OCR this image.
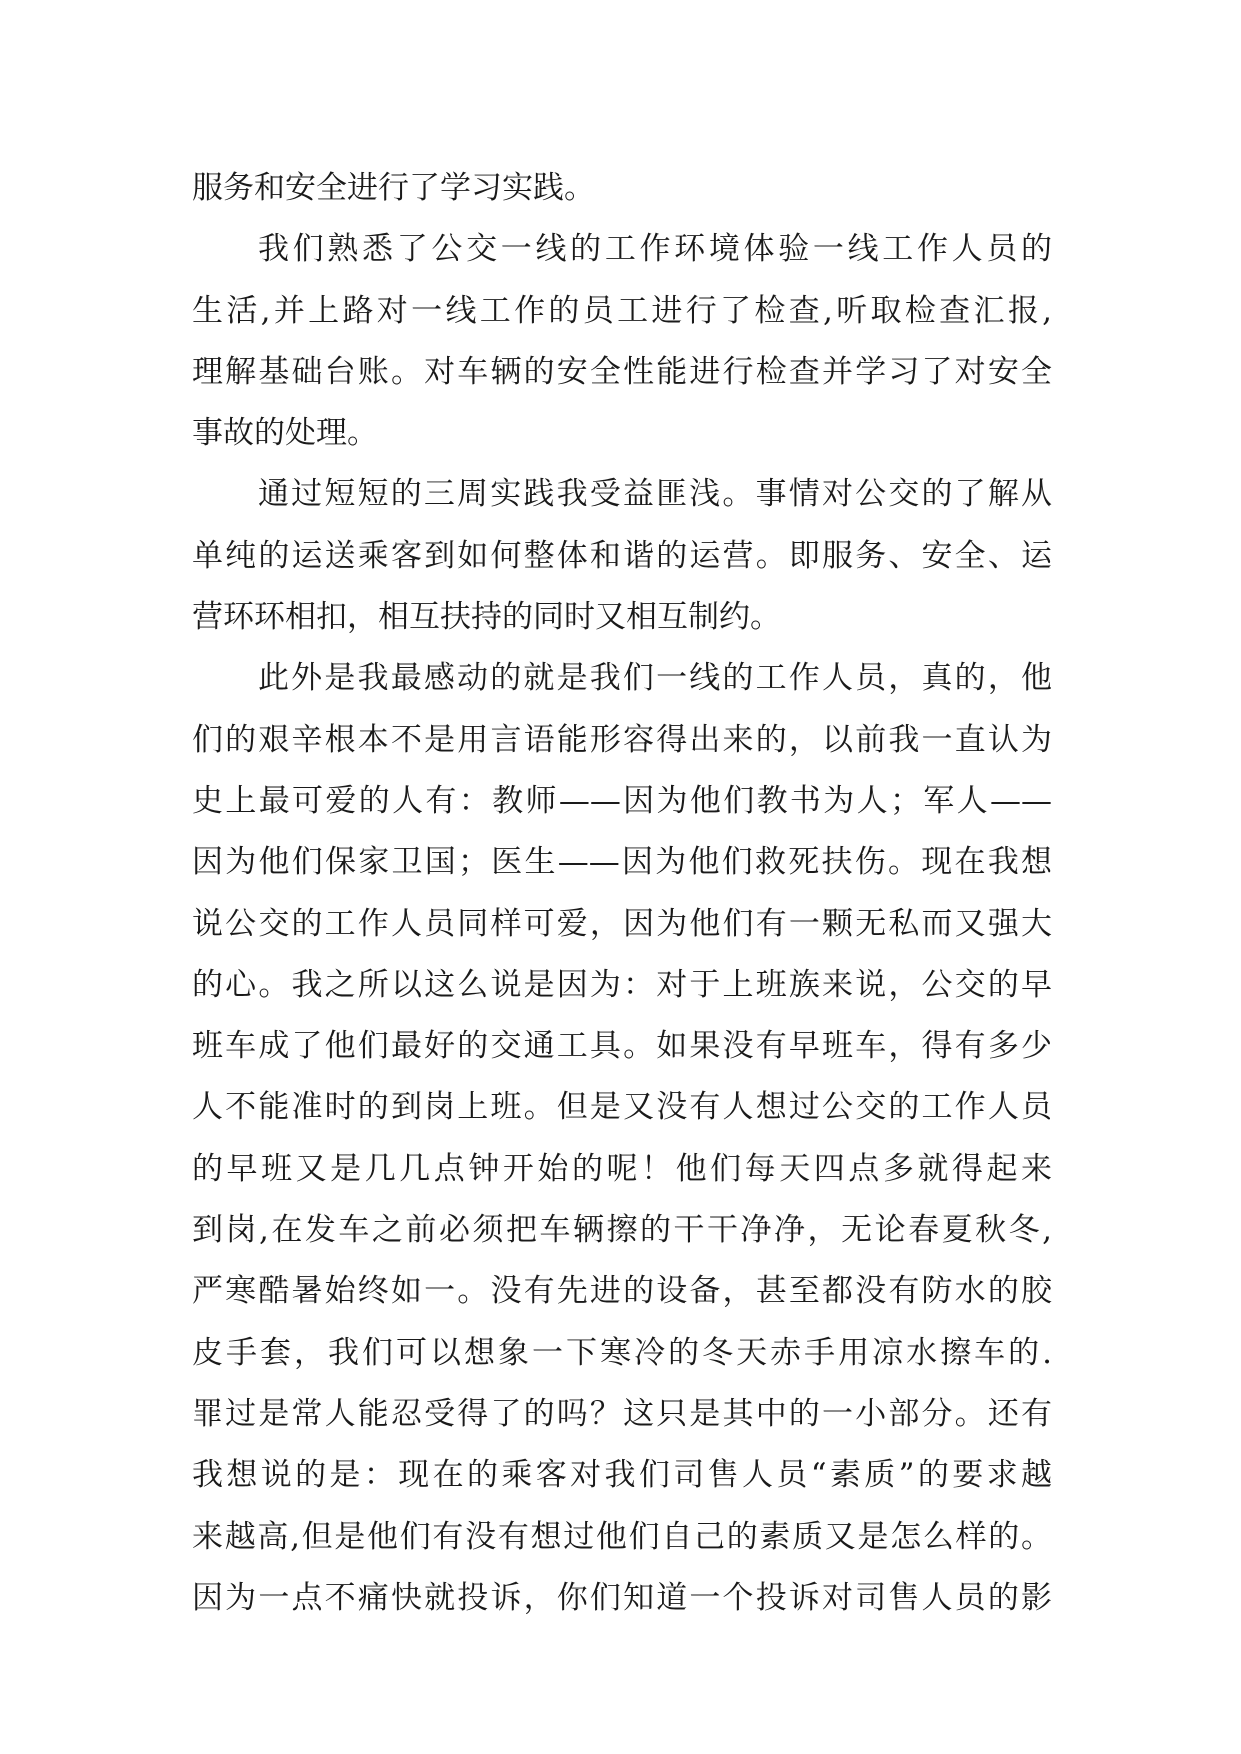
服务和安全进行了学习实践。
我们熟悉了公交一线的工作环境体验一线工作人员的
生活,并上路对一线工作的员工进行了检查,听取检查汇报,
理解基础台账。对车辆的安全性能进行检查并学习了对安全
事故的处理。
通过短短的三周实践我受益匪浅。事情对公交的了解从
单纯的运送乘客到如何整体和谐的运营。即服务、安全、运
营环环相扣，相互扶持的同时又相互制约。
此外是我最感动的就是我们一线的工作人员，真的，他
们的艰辛根本不是用言语能形容得出来的，以前我一直认为
史上最可爱的人有：教师——因为他们教书为人；军人——
因为他们保家卫国；医生——因为他们救死扶伤。现在我想
说公交的工作人员同样可爱，因为他们有一颗无私而又强大
的心。我之所以这么说是因为：对于上班族来说，公交的早
班车成了他们最好的交通工具。如果没有早班车，得有多少
人不能准时的到岗上班。但是又没有人想过公交的工作人员
的早班又是几几点钟开始的呢！他们每天四点多就得起来
到岗,在发车之前必须把车辆擦的干干净净，无论春夏秋冬,
严寒酷暑始终如一。没有先进的设备，甚至都没有防水的胶
皮手套，我们可以想象一下寒冷的冬天赤手用凉水擦车的.
罪过是常人能忍受得了的吗？这只是其中的一小部分。还有
我想说的是：现在的乘客对我们司售人员“素质”的要求越
来越高,但是他们有没有想过他们自己的素质又是怎么样的。
因为一点不痛快就投诉，你们知道一个投诉对司售人员的影
